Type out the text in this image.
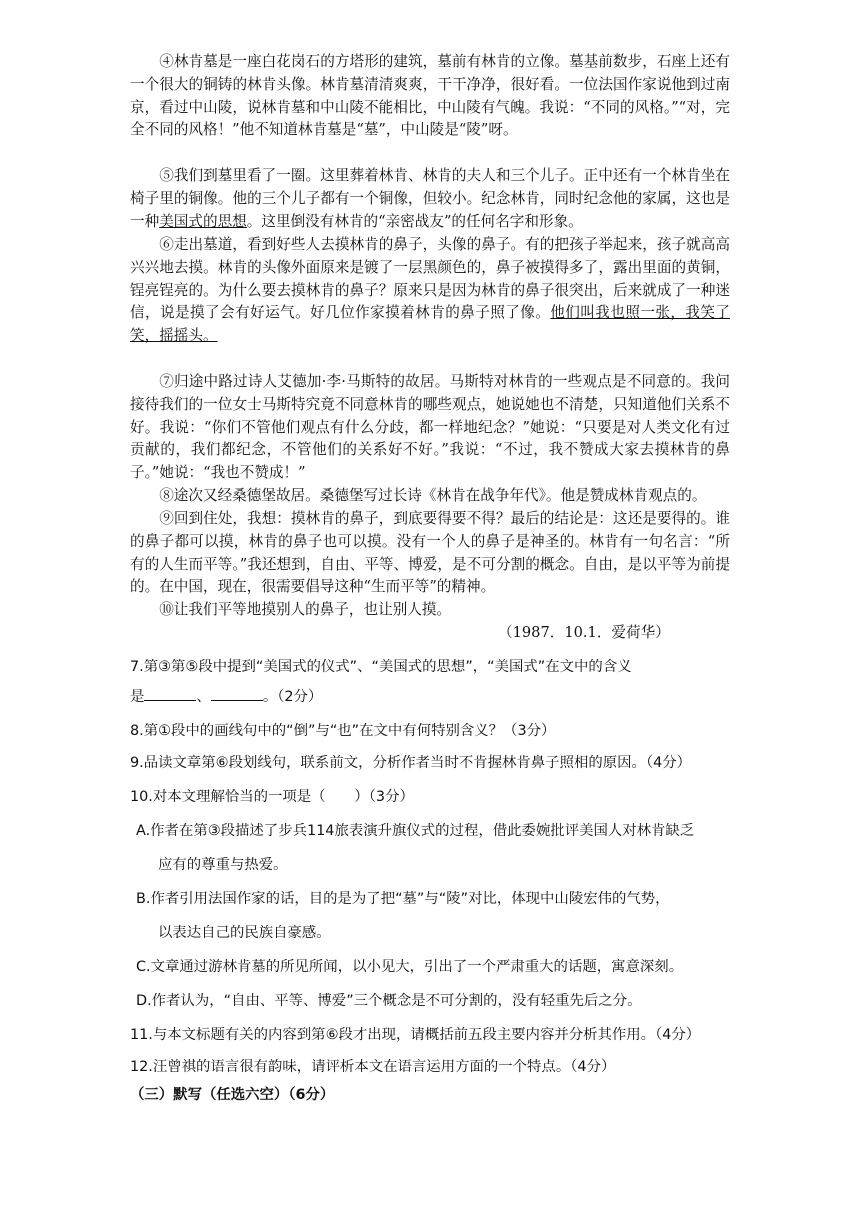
④林肯墓是一座白花岗石的方塔形的建筑，墓前有林肯的立像。墓基前数步，石座上还有一个很大的铜铸的林肯头像。林肯墓清清爽爽，干干净净，很好看。一位法国作家说他到过南京，看过中山陵，说林肯墓和中山陵不能相比，中山陵有气魄。我说：“不同的风格。”“对，完全不同的风格！”他不知道林肯墓是“墓”，中山陵是“陵”呀。

⑤我们到墓里看了一圈。这里葬着林肯、林肯的夫人和三个儿子。正中还有一个林肯坐在椅子里的铜像。他的三个儿子都有一个铜像，但较小。纪念林肯，同时纪念他的家属，这也是一种美国式的思想。这里倒没有林肯的“亲密战友”的任何名字和形象。

⑥走出墓道，看到好些人去摸林肯的鼻子，头像的鼻子。有的把孩子举起来，孩子就高高兴兴地去摸。林肯的头像外面原来是镀了一层黑颜色的，鼻子被摸得多了，露出里面的黄铜，锃亮锃亮的。为什么要去摸林肯的鼻子？原来只是因为林肯的鼻子很突出，后来就成了一种迷信，说是摸了会有好运气。好几位作家摸着林肯的鼻子照了像。他们叫我也照一张，我笑了笑，摇摇头。

⑦归途中路过诗人艾德加·李·马斯特的故居。马斯特对林肯的一些观点是不同意的。我问接待我们的一位女士马斯特究竟不同意林肯的哪些观点，她说她也不清楚，只知道他们关系不好。我说：“你们不管他们观点有什么分歧，都一样地纪念？”她说：“只要是对人类文化有过贡献的，我们都纪念，不管他们的关系好不好。”我说：“不过，我不赞成大家去摸林肯的鼻子。”她说：“我也不赞成！”

⑧途次又经桑德堡故居。桑德堡写过长诗《林肯在战争年代》。他是赞成林肯观点的。

⑨回到住处，我想：摸林肯的鼻子，到底要得要不得？最后的结论是：这还是要得的。谁的鼻子都可以摸，林肯的鼻子也可以摸。没有一个人的鼻子是神圣的。林肯有一句名言：“所有的人生而平等。”我还想到，自由、平等、博爱，是不可分割的概念。自由，是以平等为前提的。在中国，现在，很需要倡导这种“生而平等”的精神。

⑩让我们平等地摸别人的鼻子，也让别人摸。

（1987．10.1．爱荷华）

7.第③第⑤段中提到“美国式的仪式”、“美国式的思想”，“美国式”在文中的含义

是	、	。（2分）

8.第①段中的画线句中的“倒”与“也”在文中有何特别含义？（3分）

9.品读文章第⑥段划线句，联系前文，分析作者当时不肯握林肯鼻子照相的原因。（4分）

10.对本文理解恰当的一项是（　　）（3分）

A.作者在第③段描述了步兵114旅表演升旗仪式的过程，借此委婉批评美国人对林肯缺乏

应有的尊重与热爱。

B.作者引用法国作家的话，目的是为了把“墓”与“陵”对比，体现中山陵宏伟的气势，

以表达自己的民族自豪感。

C.文章通过游林肯墓的所见所闻，以小见大，引出了一个严肃重大的话题，寓意深刻。

D.作者认为，“自由、平等、博爱”三个概念是不可分割的，没有轻重先后之分。

11.与本文标题有关的内容到第⑥段才出现，请概括前五段主要内容并分析其作用。（4分）

12.汪曾祺的语言很有韵味，请评析本文在语言运用方面的一个特点。（4分）

（三）默写（任选六空）（6分）
